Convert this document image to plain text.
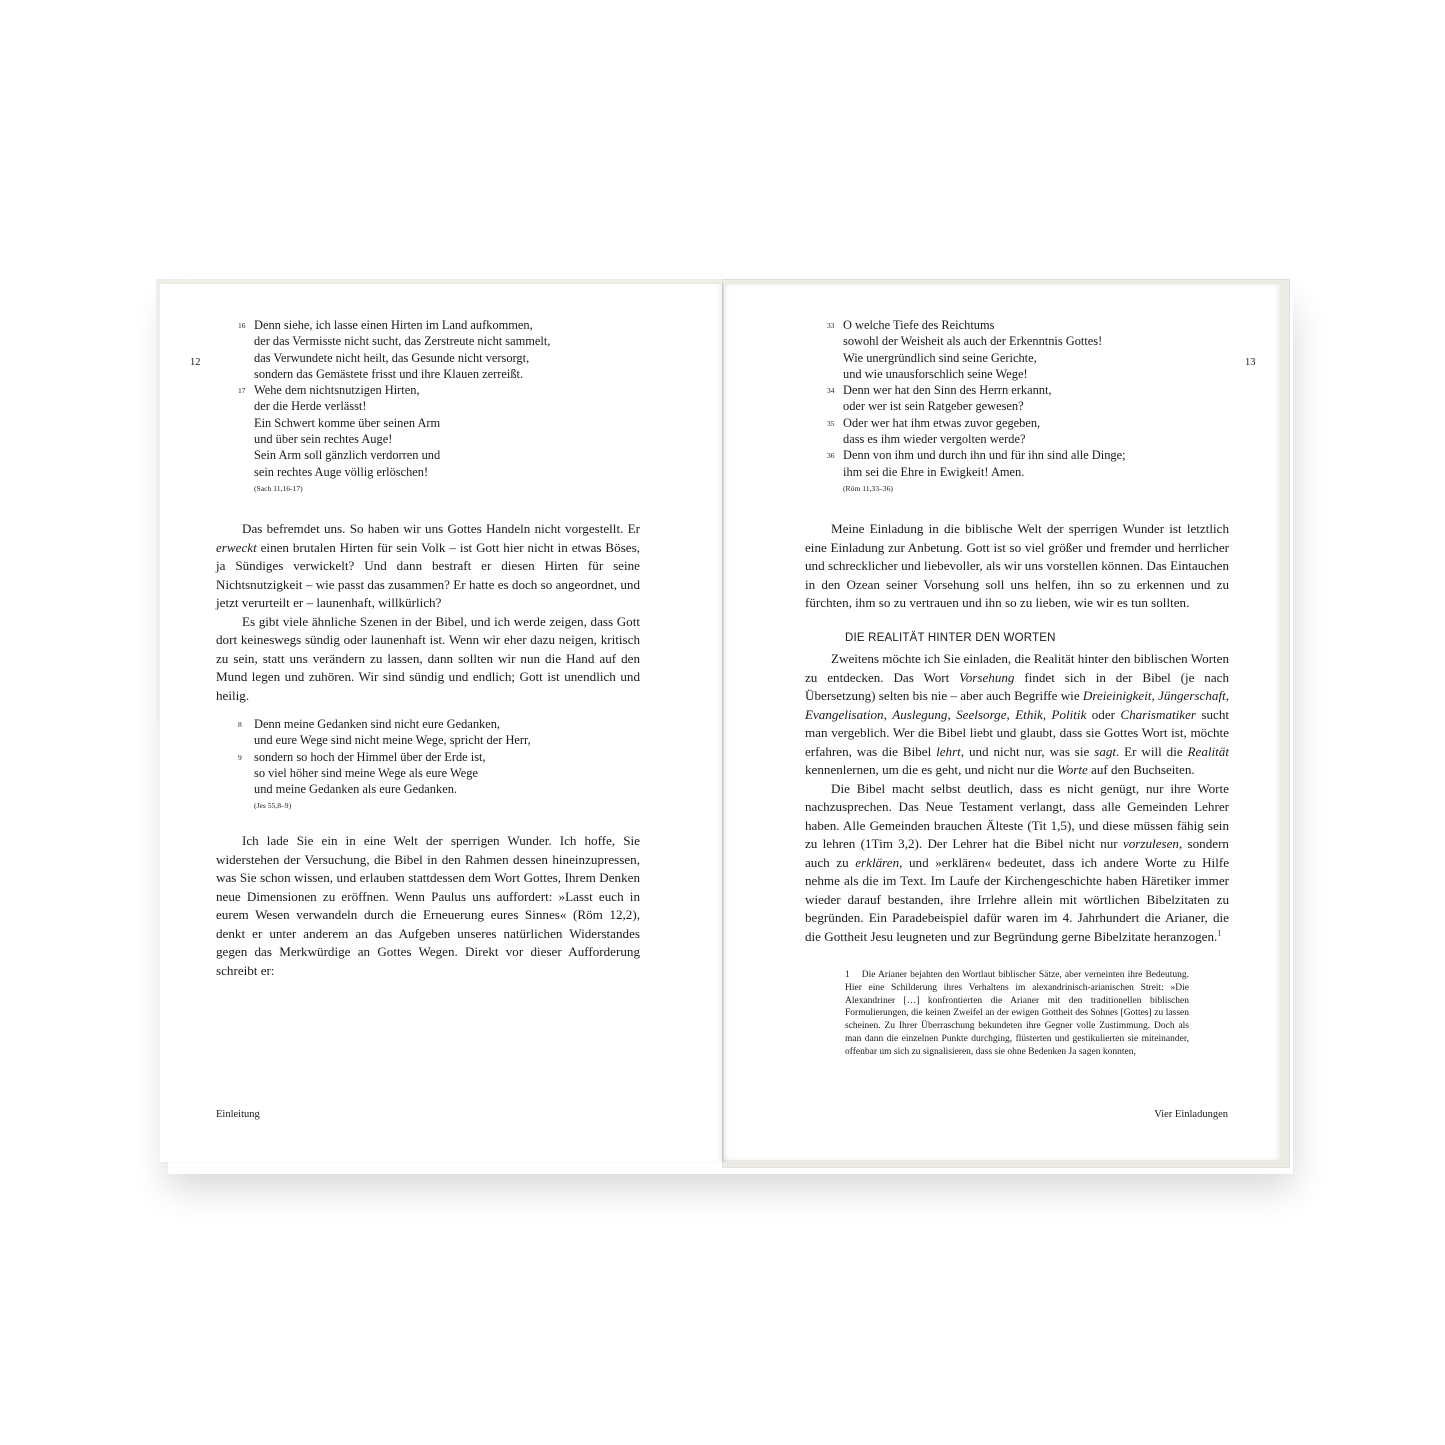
12
16 Denn siehe, ich lasse einen Hirten im Land aufkommen,
der das Vermisste nicht sucht, das Zerstreute nicht sammelt,
das Verwundete nicht heilt, das Gesunde nicht versorgt,
sondern das Gemästete frisst und ihre Klauen zerreißt.
17 Wehe dem nichtsnutzigen Hirten,
der die Herde verlässt!
Ein Schwert komme über seinen Arm
und über sein rechtes Auge!
Sein Arm soll gänzlich verdorren und
sein rechtes Auge völlig erlöschen!
(Sach 11,16-17)

Das befremdet uns. So haben wir uns Gottes Handeln nicht vorgestellt. Er erweckt einen brutalen Hirten für sein Volk – ist Gott hier nicht in etwas Böses, ja Sündiges verwickelt? Und dann bestraft er diesen Hirten für seine Nichtsnutzigkeit – wie passt das zusammen? Er hatte es doch so angeordnet, und jetzt verurteilt er – launenhaft, willkürlich?

Es gibt viele ähnliche Szenen in der Bibel, und ich werde zeigen, dass Gott dort keineswegs sündig oder launenhaft ist. Wenn wir eher dazu neigen, kritisch zu sein, statt uns verändern zu lassen, dann sollten wir nun die Hand auf den Mund legen und zuhören. Wir sind sündig und endlich; Gott ist unendlich und heilig.

8 Denn meine Gedanken sind nicht eure Gedanken,
und eure Wege sind nicht meine Wege, spricht der Herr,
9 sondern so hoch der Himmel über der Erde ist,
so viel höher sind meine Wege als eure Wege
und meine Gedanken als eure Gedanken.
(Jes 55,8–9)

Ich lade Sie ein in eine Welt der sperrigen Wunder. Ich hoffe, Sie widerstehen der Versuchung, die Bibel in den Rahmen dessen hineinzupressen, was Sie schon wissen, und erlauben stattdessen dem Wort Gottes, Ihrem Denken neue Dimensionen zu eröffnen. Wenn Paulus uns auffordert: »Lasst euch in eurem Wesen verwandeln durch die Erneuerung eures Sinnes« (Röm 12,2), denkt er unter anderem an das Aufgeben unseres natürlichen Widerstandes gegen das Merkwürdige an Gottes Wegen. Direkt vor dieser Aufforderung schreibt er:

Einleitung
13
33 O welche Tiefe des Reichtums
sowohl der Weisheit als auch der Erkenntnis Gottes!
Wie unergründlich sind seine Gerichte,
und wie unausforschlich seine Wege!
34 Denn wer hat den Sinn des Herrn erkannt,
oder wer ist sein Ratgeber gewesen?
35 Oder wer hat ihm etwas zuvor gegeben,
dass es ihm wieder vergolten werde?
36 Denn von ihm und durch ihn und für ihn sind alle Dinge;
ihm sei die Ehre in Ewigkeit! Amen.
(Röm 11,33–36)

Meine Einladung in die biblische Welt der sperrigen Wunder ist letztlich eine Einladung zur Anbetung. Gott ist so viel größer und fremder und herrlicher und schrecklicher und liebevoller, als wir uns vorstellen können. Das Eintauchen in den Ozean seiner Vorsehung soll uns helfen, ihn so zu erkennen und zu fürchten, ihm so zu vertrauen und ihn so zu lieben, wie wir es tun sollten.

DIE REALITÄT HINTER DEN WORTEN

Zweitens möchte ich Sie einladen, die Realität hinter den biblischen Worten zu entdecken. Das Wort Vorsehung findet sich in der Bibel (je nach Übersetzung) selten bis nie – aber auch Begriffe wie Dreieinigkeit, Jüngerschaft, Evangelisation, Auslegung, Seelsorge, Ethik, Politik oder Charismatiker sucht man vergeblich. Wer die Bibel liebt und glaubt, dass sie Gottes Wort ist, möchte erfahren, was die Bibel lehrt, und nicht nur, was sie sagt. Er will die Realität kennenlernen, um die es geht, und nicht nur die Worte auf den Buchseiten.

Die Bibel macht selbst deutlich, dass es nicht genügt, nur ihre Worte nachzusprechen. Das Neue Testament verlangt, dass alle Gemeinden Lehrer haben. Alle Gemeinden brauchen Älteste (Tit 1,5), und diese müssen fähig sein zu lehren (1Tim 3,2). Der Lehrer hat die Bibel nicht nur vorzulesen, sondern auch zu erklären, und »erklären« bedeutet, dass ich andere Worte zu Hilfe nehme als die im Text. Im Laufe der Kirchengeschichte haben Häretiker immer wieder darauf bestanden, ihre Irrlehre allein mit wörtlichen Bibelzitaten zu begründen. Ein Paradebeispiel dafür waren im 4. Jahrhundert die Arianer, die die Gottheit Jesu leugneten und zur Begründung gerne Bibelzitate heranzogen.$^1$

1 Die Arianer bejahten den Wortlaut biblischer Sätze, aber verneinten ihre Bedeutung. Hier eine Schilderung ihres Verhaltens im alexandrinisch-arianischen Streit: »Die Alexandriner […] konfrontierten die Arianer mit den traditionellen biblischen Formulierungen, die keinen Zweifel an der ewigen Gottheit des Sohnes [Gottes] zu lassen scheinen. Zu Ihrer Überraschung bekundeten ihre Gegner volle Zustimmung. Doch als man dann die einzelnen Punkte durchging, flüsterten und gestikulierten sie miteinander, offenbar um sich zu signalisieren, dass sie ohne Bedenken Ja sagen konnten,

Vier Einladungen
